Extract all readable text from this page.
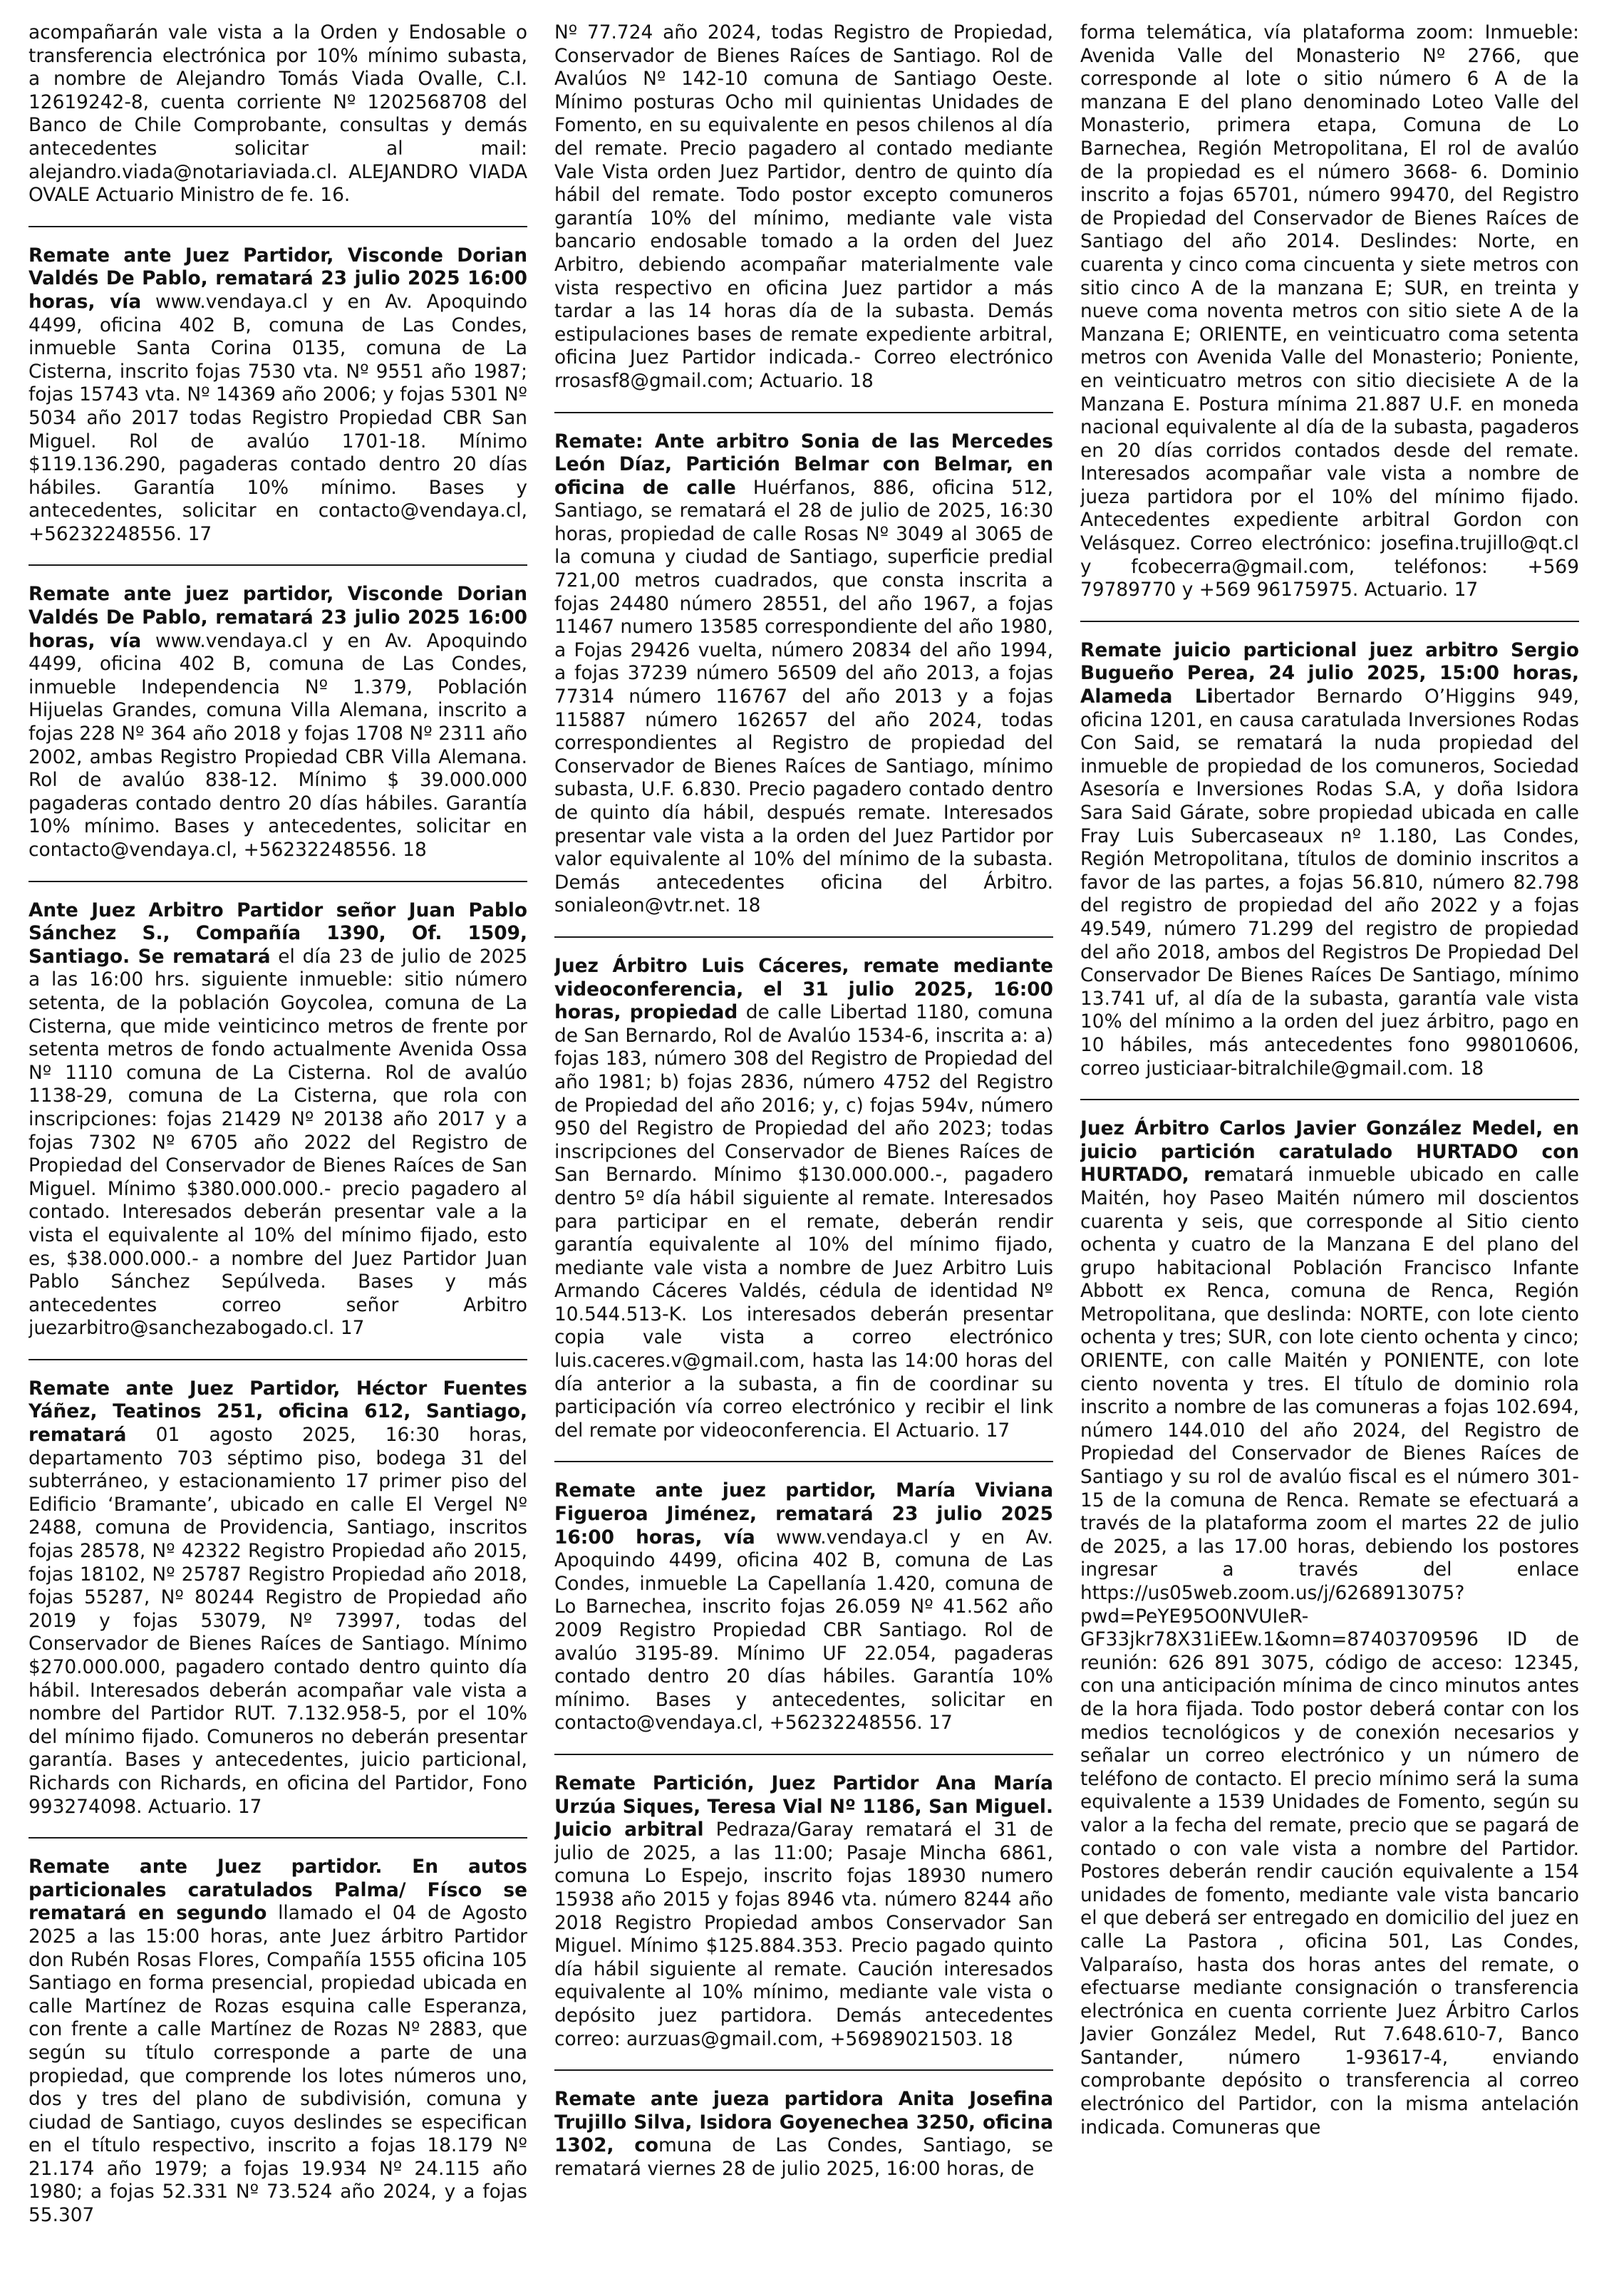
acompañarán vale vista a la Orden y Endosable o transferencia electrónica por 10% mínimo subasta, a nombre de Alejandro Tomás Viada Ovalle, C.I. 12619242-8, cuenta corriente Nº 1202568708 del Banco de Chile Comprobante, consultas y demás antecedentes solicitar al mail: alejandro.viada@notariaviada.cl. ALEJANDRO VIADA OVALE Actuario Ministro de fe. 16.

Remate ante Juez Partidor, Visconde Dorian Valdés De Pablo, rematará 23 julio 2025 16:00 horas, vía www.vendaya.cl y en Av. Apoquindo 4499, oficina 402 B, comuna de Las Condes, inmueble Santa Corina 0135, comuna de La Cisterna, inscrito fojas 7530 vta. Nº 9551 año 1987; fojas 15743 vta. Nº 14369 año 2006; y fojas 5301 Nº 5034 año 2017 todas Registro Propiedad CBR San Miguel. Rol de avalúo 1701-18. Mínimo $119.136.290, pagaderas contado dentro 20 días hábiles. Garantía 10% mínimo. Bases y antecedentes, solicitar en contacto@vendaya.cl, +56232248556. 17

Remate ante juez partidor, Visconde Dorian Valdés De Pablo, rematará 23 julio 2025 16:00 horas, vía www.vendaya.cl y en Av. Apoquindo 4499, oficina 402 B, comuna de Las Condes, inmueble Independencia Nº 1.379, Población Hijuelas Grandes, comuna Villa Alemana, inscrito a fojas 228 Nº 364 año 2018 y fojas 1708 Nº 2311 año 2002, ambas Registro Propiedad CBR Villa Alemana. Rol de avalúo 838-12. Mínimo $ 39.000.000 pagaderas contado dentro 20 días hábiles. Garantía 10% mínimo. Bases y antecedentes, solicitar en contacto@vendaya.cl, +56232248556. 18

Ante Juez Arbitro Partidor señor Juan Pablo Sánchez S., Compañía 1390, Of. 1509, Santiago. Se rematará el día 23 de julio de 2025 a las 16:00 hrs. siguiente inmueble: sitio número setenta, de la población Goycolea, comuna de La Cisterna, que mide veinticinco metros de frente por setenta metros de fondo actualmente Avenida Ossa Nº 1110 comuna de La Cisterna. Rol de avalúo 1138-29, comuna de La Cisterna, que rola con inscripciones: fojas 21429 Nº 20138 año 2017 y a fojas 7302 Nº 6705 año 2022 del Registro de Propiedad del Conservador de Bienes Raíces de San Miguel. Mínimo $380.000.000.- precio pagadero al contado. Interesados deberán presentar vale a la vista el equivalente al 10% del mínimo fijado, esto es, $38.000.000.- a nombre del Juez Partidor Juan Pablo Sánchez Sepúlveda. Bases y más antecedentes correo señor Arbitro juezarbitro@sanchezabogado.cl. 17

Remate ante Juez Partidor, Héctor Fuentes Yáñez, Teatinos 251, oficina 612, Santiago, rematará 01 agosto 2025, 16:30 horas, departamento 703 séptimo piso, bodega 31 del subterráneo, y estacionamiento 17 primer piso del Edificio ‘Bramante’, ubicado en calle El Vergel Nº 2488, comuna de Providencia, Santiago, inscritos fojas 28578, Nº 42322 Registro Propiedad año 2015, fojas 18102, Nº 25787 Registro Propiedad año 2018, fojas 55287, Nº 80244 Registro de Propiedad año 2019 y fojas 53079, Nº 73997, todas del Conservador de Bienes Raíces de Santiago. Mínimo $270.000.000, pagadero contado dentro quinto día hábil. Interesados deberán acompañar vale vista a nombre del Partidor RUT. 7.132.958-5, por el 10% del mínimo fijado. Comuneros no deberán presentar garantía. Bases y antecedentes, juicio particional, Richards con Richards, en oficina del Partidor, Fono 993274098. Actuario. 17

Remate ante Juez partidor. En autos particionales caratulados Palma/ Físco se rematará en segundo llamado el 04 de Agosto 2025 a las 15:00 horas, ante Juez árbitro Partidor don Rubén Rosas Flores, Compañía 1555 oficina 105 Santiago en forma presencial, propiedad ubicada en calle Martínez de Rozas esquina calle Esperanza, con frente a calle Martínez de Rozas Nº 2883, que según su título corresponde a parte de una propiedad, que comprende los lotes números uno, dos y tres del plano de subdivisión, comuna y ciudad de Santiago, cuyos deslindes se especifican en el título respectivo, inscrito a fojas 18.179 Nº 21.174 año 1979; a fojas 19.934 Nº 24.115 año 1980; a fojas 52.331 Nº 73.524 año 2024, y a fojas 55.307

Nº 77.724 año 2024, todas Registro de Propiedad, Conservador de Bienes Raíces de Santiago. Rol de Avalúos Nº 142-10 comuna de Santiago Oeste. Mínimo posturas Ocho mil quinientas Unidades de Fomento, en su equivalente en pesos chilenos al día del remate. Precio pagadero al contado mediante Vale Vista orden Juez Partidor, dentro de quinto día hábil del remate. Todo postor excepto comuneros garantía 10% del mínimo, mediante vale vista bancario endosable tomado a la orden del Juez Arbitro, debiendo acompañar materialmente vale vista respectivo en oficina Juez partidor a más tardar a las 14 horas día de la subasta. Demás estipulaciones bases de remate expediente arbitral, oficina Juez Partidor indicada.- Correo electrónico rrosasf8@gmail.com; Actuario. 18

Remate: Ante arbitro Sonia de las Mercedes León Díaz, Partición Belmar con Belmar, en oficina de calle Huérfanos, 886, oficina 512, Santiago, se rematará el 28 de julio de 2025, 16:30 horas, propiedad de calle Rosas Nº 3049 al 3065 de la comuna y ciudad de Santiago, superficie predial 721,00 metros cuadrados, que consta inscrita a fojas 24480 número 28551, del año 1967, a fojas 11467 numero 13585 correspondiente del año 1980, a Fojas 29426 vuelta, número 20834 del año 1994, a fojas 37239 número 56509 del año 2013, a fojas 77314 número 116767 del año 2013 y a fojas 115887 número 162657 del año 2024, todas correspondientes al Registro de propiedad del Conservador de Bienes Raíces de Santiago, mínimo subasta, U.F. 6.830. Precio pagadero contado dentro de quinto día hábil, después remate. Interesados presentar vale vista a la orden del Juez Partidor por valor equivalente al 10% del mínimo de la subasta. Demás antecedentes oficina del Árbitro. sonialeon@vtr.net. 18

Juez Árbitro Luis Cáceres, remate mediante videoconferencia, el 31 julio 2025, 16:00 horas, propiedad de calle Libertad 1180, comuna de San Bernardo, Rol de Avalúo 1534-6, inscrita a: a) fojas 183, número 308 del Registro de Propiedad del año 1981; b) fojas 2836, número 4752 del Registro de Propiedad del año 2016; y, c) fojas 594v, número 950 del Registro de Propiedad del año 2023; todas inscripciones del Conservador de Bienes Raíces de San Bernardo. Mínimo $130.000.000.-, pagadero dentro 5º día hábil siguiente al remate. Interesados para participar en el remate, deberán rendir garantía equivalente al 10% del mínimo fijado, mediante vale vista a nombre de Juez Arbitro Luis Armando Cáceres Valdés, cédula de identidad Nº 10.544.513-K. Los interesados deberán presentar copia vale vista a correo electrónico luis.caceres.v@gmail.com, hasta las 14:00 horas del día anterior a la subasta, a fin de coordinar su participación vía correo electrónico y recibir el link del remate por videoconferencia. El Actuario. 17

Remate ante juez partidor, María Viviana Figueroa Jiménez, rematará 23 julio 2025 16:00 horas, vía www.vendaya.cl y en Av. Apoquindo 4499, oficina 402 B, comuna de Las Condes, inmueble La Capellanía 1.420, comuna de Lo Barnechea, inscrito fojas 26.059 Nº 41.562 año 2009 Registro Propiedad CBR Santiago. Rol de avalúo 3195-89. Mínimo UF 22.054, pagaderas contado dentro 20 días hábiles. Garantía 10% mínimo. Bases y antecedentes, solicitar en contacto@vendaya.cl, +56232248556. 17

Remate Partición, Juez Partidor Ana María Urzúa Siques, Teresa Vial Nº 1186, San Miguel. Juicio arbitral Pedraza/Garay rematará el 31 de julio de 2025, a las 11:00; Pasaje Mincha 6861, comuna Lo Espejo, inscrito fojas 18930 numero 15938 año 2015 y fojas 8946 vta. número 8244 año 2018 Registro Propiedad ambos Conservador San Miguel. Mínimo $125.884.353. Precio pagado quinto día hábil siguiente al remate. Caución interesados equivalente al 10% mínimo, mediante vale vista o depósito juez partidora. Demás antecedentes correo: aurzuas@gmail.com, +56989021503. 18

Remate ante jueza partidora Anita Josefina Trujillo Silva, Isidora Goyenechea 3250, oficina 1302, comuna de Las Condes, Santiago, se rematará viernes 28 de julio 2025, 16:00 horas, de

forma telemática, vía plataforma zoom: Inmueble: Avenida Valle del Monasterio Nº 2766, que corresponde al lote o sitio número 6 A de la manzana E del plano denominado Loteo Valle del Monasterio, primera etapa, Comuna de Lo Barnechea, Región Metropolitana, El rol de avalúo de la propiedad es el número 3668- 6. Dominio inscrito a fojas 65701, número 99470, del Registro de Propiedad del Conservador de Bienes Raíces de Santiago del año 2014. Deslindes: Norte, en cuarenta y cinco coma cincuenta y siete metros con sitio cinco A de la manzana E; SUR, en treinta y nueve coma noventa metros con sitio siete A de la Manzana E; ORIENTE, en veinticuatro coma setenta metros con Avenida Valle del Monasterio; Poniente, en veinticuatro metros con sitio diecisiete A de la Manzana E. Postura mínima 21.887 U.F. en moneda nacional equivalente al día de la subasta, pagaderos en 20 días corridos contados desde del remate. Interesados acompañar vale vista a nombre de jueza partidora por el 10% del mínimo fijado. Antecedentes expediente arbitral Gordon con Velásquez. Correo electrónico: josefina.trujillo@qt.cl y fcobecerra@gmail.com, teléfonos: +569 79789770 y +569 96175975. Actuario. 17

Remate juicio particional juez arbitro Sergio Bugueño Perea, 24 julio 2025, 15:00 horas, Alameda Libertador Bernardo O’Higgins 949, oficina 1201, en causa caratulada Inversiones Rodas Con Said, se rematará la nuda propiedad del inmueble de propiedad de los comuneros, Sociedad Asesoría e Inversiones Rodas S.A, y doña Isidora Sara Said Gárate, sobre propiedad ubicada en calle Fray Luis Subercaseaux nº 1.180, Las Condes, Región Metropolitana, títulos de dominio inscritos a favor de las partes, a fojas 56.810, número 82.798 del registro de propiedad del año 2022 y a fojas 49.549, número 71.299 del registro de propiedad del año 2018, ambos del Registros De Propiedad Del Conservador De Bienes Raíces De Santiago, mínimo 13.741 uf, al día de la subasta, garantía vale vista 10% del mínimo a la orden del juez árbitro, pago en 10 hábiles, más antecedentes fono 998010606, correo justiciaar-bitralchile@gmail.com. 18

Juez Árbitro Carlos Javier González Medel, en juicio partición caratulado HURTADO con HURTADO, rematará inmueble ubicado en calle Maitén, hoy Paseo Maitén número mil doscientos cuarenta y seis, que corresponde al Sitio ciento ochenta y cuatro de la Manzana E del plano del grupo habitacional Población Francisco Infante Abbott ex Renca, comuna de Renca, Región Metropolitana, que deslinda: NORTE, con lote ciento ochenta y tres; SUR, con lote ciento ochenta y cinco; ORIENTE, con calle Maitén y PONIENTE, con lote ciento noventa y tres. El título de dominio rola inscrito a nombre de las comuneras a fojas 102.694, número 144.010 del año 2024, del Registro de Propiedad del Conservador de Bienes Raíces de Santiago y su rol de avalúo fiscal es el número 301-15 de la comuna de Renca. Remate se efectuará a través de la plataforma zoom el martes 22 de julio de 2025, a las 17.00 horas, debiendo los postores ingresar a través del enlace https://us05web.zoom.us/j/6268913075?pwd=PeYE95O0NVUIeR-GF33jkr78X31iEEw.1&omn=87403709596 ID de reunión: 626 891 3075, código de acceso: 12345, con una anticipación mínima de cinco minutos antes de la hora fijada. Todo postor deberá contar con los medios tecnológicos y de conexión necesarios y señalar un correo electrónico y un número de teléfono de contacto. El precio mínimo será la suma equivalente a 1539 Unidades de Fomento, según su valor a la fecha del remate, precio que se pagará de contado o con vale vista a nombre del Partidor. Postores deberán rendir caución equivalente a 154 unidades de fomento, mediante vale vista bancario el que deberá ser entregado en domicilio del juez en calle La Pastora , oficina 501, Las Condes, Valparaíso, hasta dos horas antes del remate, o efectuarse mediante consignación o transferencia electrónica en cuenta corriente Juez Árbitro Carlos Javier González Medel, Rut 7.648.610-7, Banco Santander, número 1-93617-4, enviando comprobante depósito o transferencia al correo electrónico del Partidor, con la misma antelación indicada. Comuneras que
